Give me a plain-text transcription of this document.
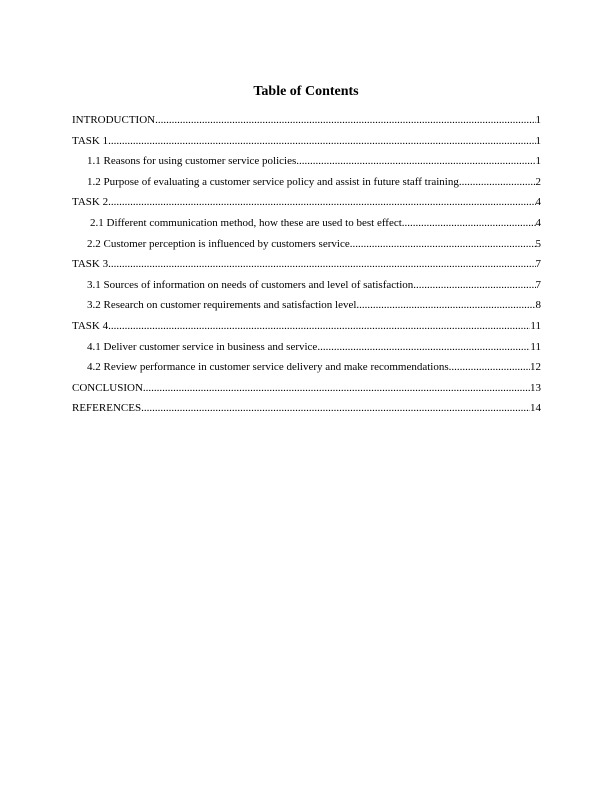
Table of Contents
INTRODUCTION .....	1
TASK 1 .....	1
1.1 Reasons for using customer service policies .....	1
1.2 Purpose of evaluating a customer service policy and assist in future staff training. .....	2
TASK 2 .....	4
2.1 Different communication method, how these are used to best effect. .....	4
2.2 Customer perception is influenced by customers service .....	5
TASK 3 .....	7
3.1 Sources of information on needs of customers and level of satisfaction .....	7
3.2 Research on customer requirements and satisfaction level .....	8
TASK 4 .....	11
4.1 Deliver customer service in business and service .....	11
4.2 Review performance in customer service delivery and make recommendations .....	12
CONCLUSION .....	13
REFERENCES .....	14
